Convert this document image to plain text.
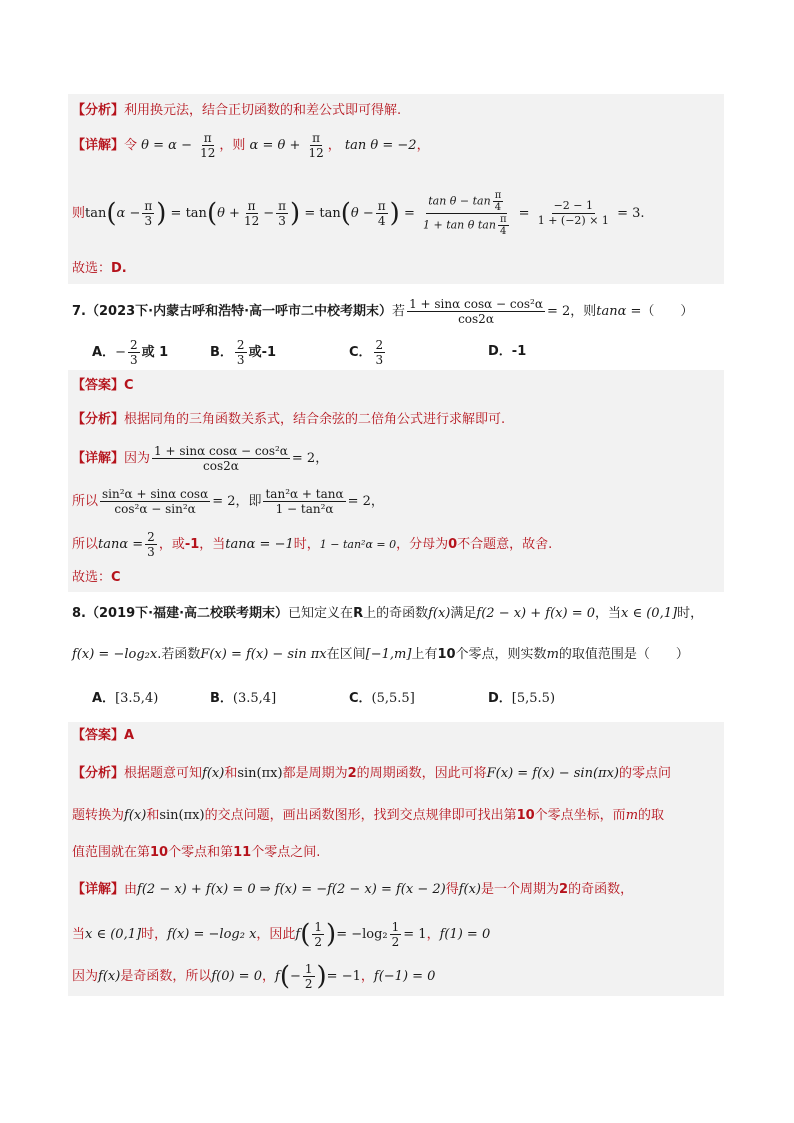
【分析】利用换元法，结合正切函数的和差公式即可得解.
【详解】令 $\theta = \alpha - \frac{\pi}{12}$ ，则 $\alpha = \theta + \frac{\pi}{12}$ ， tan θ = −2，
则$\tan(\alpha - \frac{\pi}{3}$ ) = $\tan(\theta + \frac{\pi}{12} - \frac{\pi}{3}$ ) = $\tan(\theta - \frac{\pi}{4}$ ) = $\frac{\tan \theta - \tan \frac{\pi}{4}}{1 + \tan \theta \tan \frac{\pi}{4}} = \frac{-2 - 1}{1 + (-2) \times 1} = 3$.
故选：D.
7.（2023下·内蒙古呼和浩特·高一呼市二中校考期末）若 $\frac{\text{1 + sinα cosα − cos²α}}{\cos 2\alpha} = 2$，则tanα =（　　）
A．− $\frac{2}{3}$ 或 1	B． $\frac{2}{3}$ 或-1	C． $\frac{2}{3}$	D．-1
【答案】C
【分析】根据同角的三角函数关系式，结合余弦的二倍角公式进行求解即可.
【详解】因为 $\frac{\text{1 + sinα cosα − cos²α}}{\cos 2\alpha} = 2$，
所以 $\frac{\text{sin²α + sinα cosα}}{\text{cos²α − sin²α}} = 2$，即 $\frac{\text{tan²α + tanα}}{\text{1 − tan²α}} = 2$，
所以$\tan\alpha = \frac{2}{3}$ ，或-1，当tanα = −1时，1 − tan²α = 0，分母为0不合题意，故舍.
故选：C
8.（2019下·福建·高二校联考期末）已知定义在R上的奇函数f(x)满足f(2 − x) + f(x) = 0，当x ∈ (0,1]时，
f(x) = −log₂x.若函数F(x) = f(x) − sin πx在区间[−1,m]上有10个零点，则实数m的取值范围是（　　）
A．[3.5,4)	B．(3.5,4]	C．(5,5.5]	D．[5,5.5)
【答案】A
【分析】根据题意可知f(x)和sin(πx)都是周期为2的周期函数，因此可将F(x) = f(x) − sin(πx)的零点问
题转换为f(x)和sin(πx)的交点问题，画出函数图形，找到交点规律即可找出第10个零点坐标，而m的取
值范围就在第10个零点和第11个零点之间.
【详解】由f(2 − x) + f(x) = 0 ⇒ f(x) = −f(2 − x) = f(x − 2)得f(x)是一个周期为2的奇函数，
当x ∈ (0,1]时，f(x) = −log₂ x，因此$f( \frac{1}{2}$ )= $-\log_2 \frac{1}{2} = 1$，f(1) = 0
因为f(x)是奇函数，所以f(0) = 0，$f(- \frac{1}{2}$ )= −1，f(−1) = 0
